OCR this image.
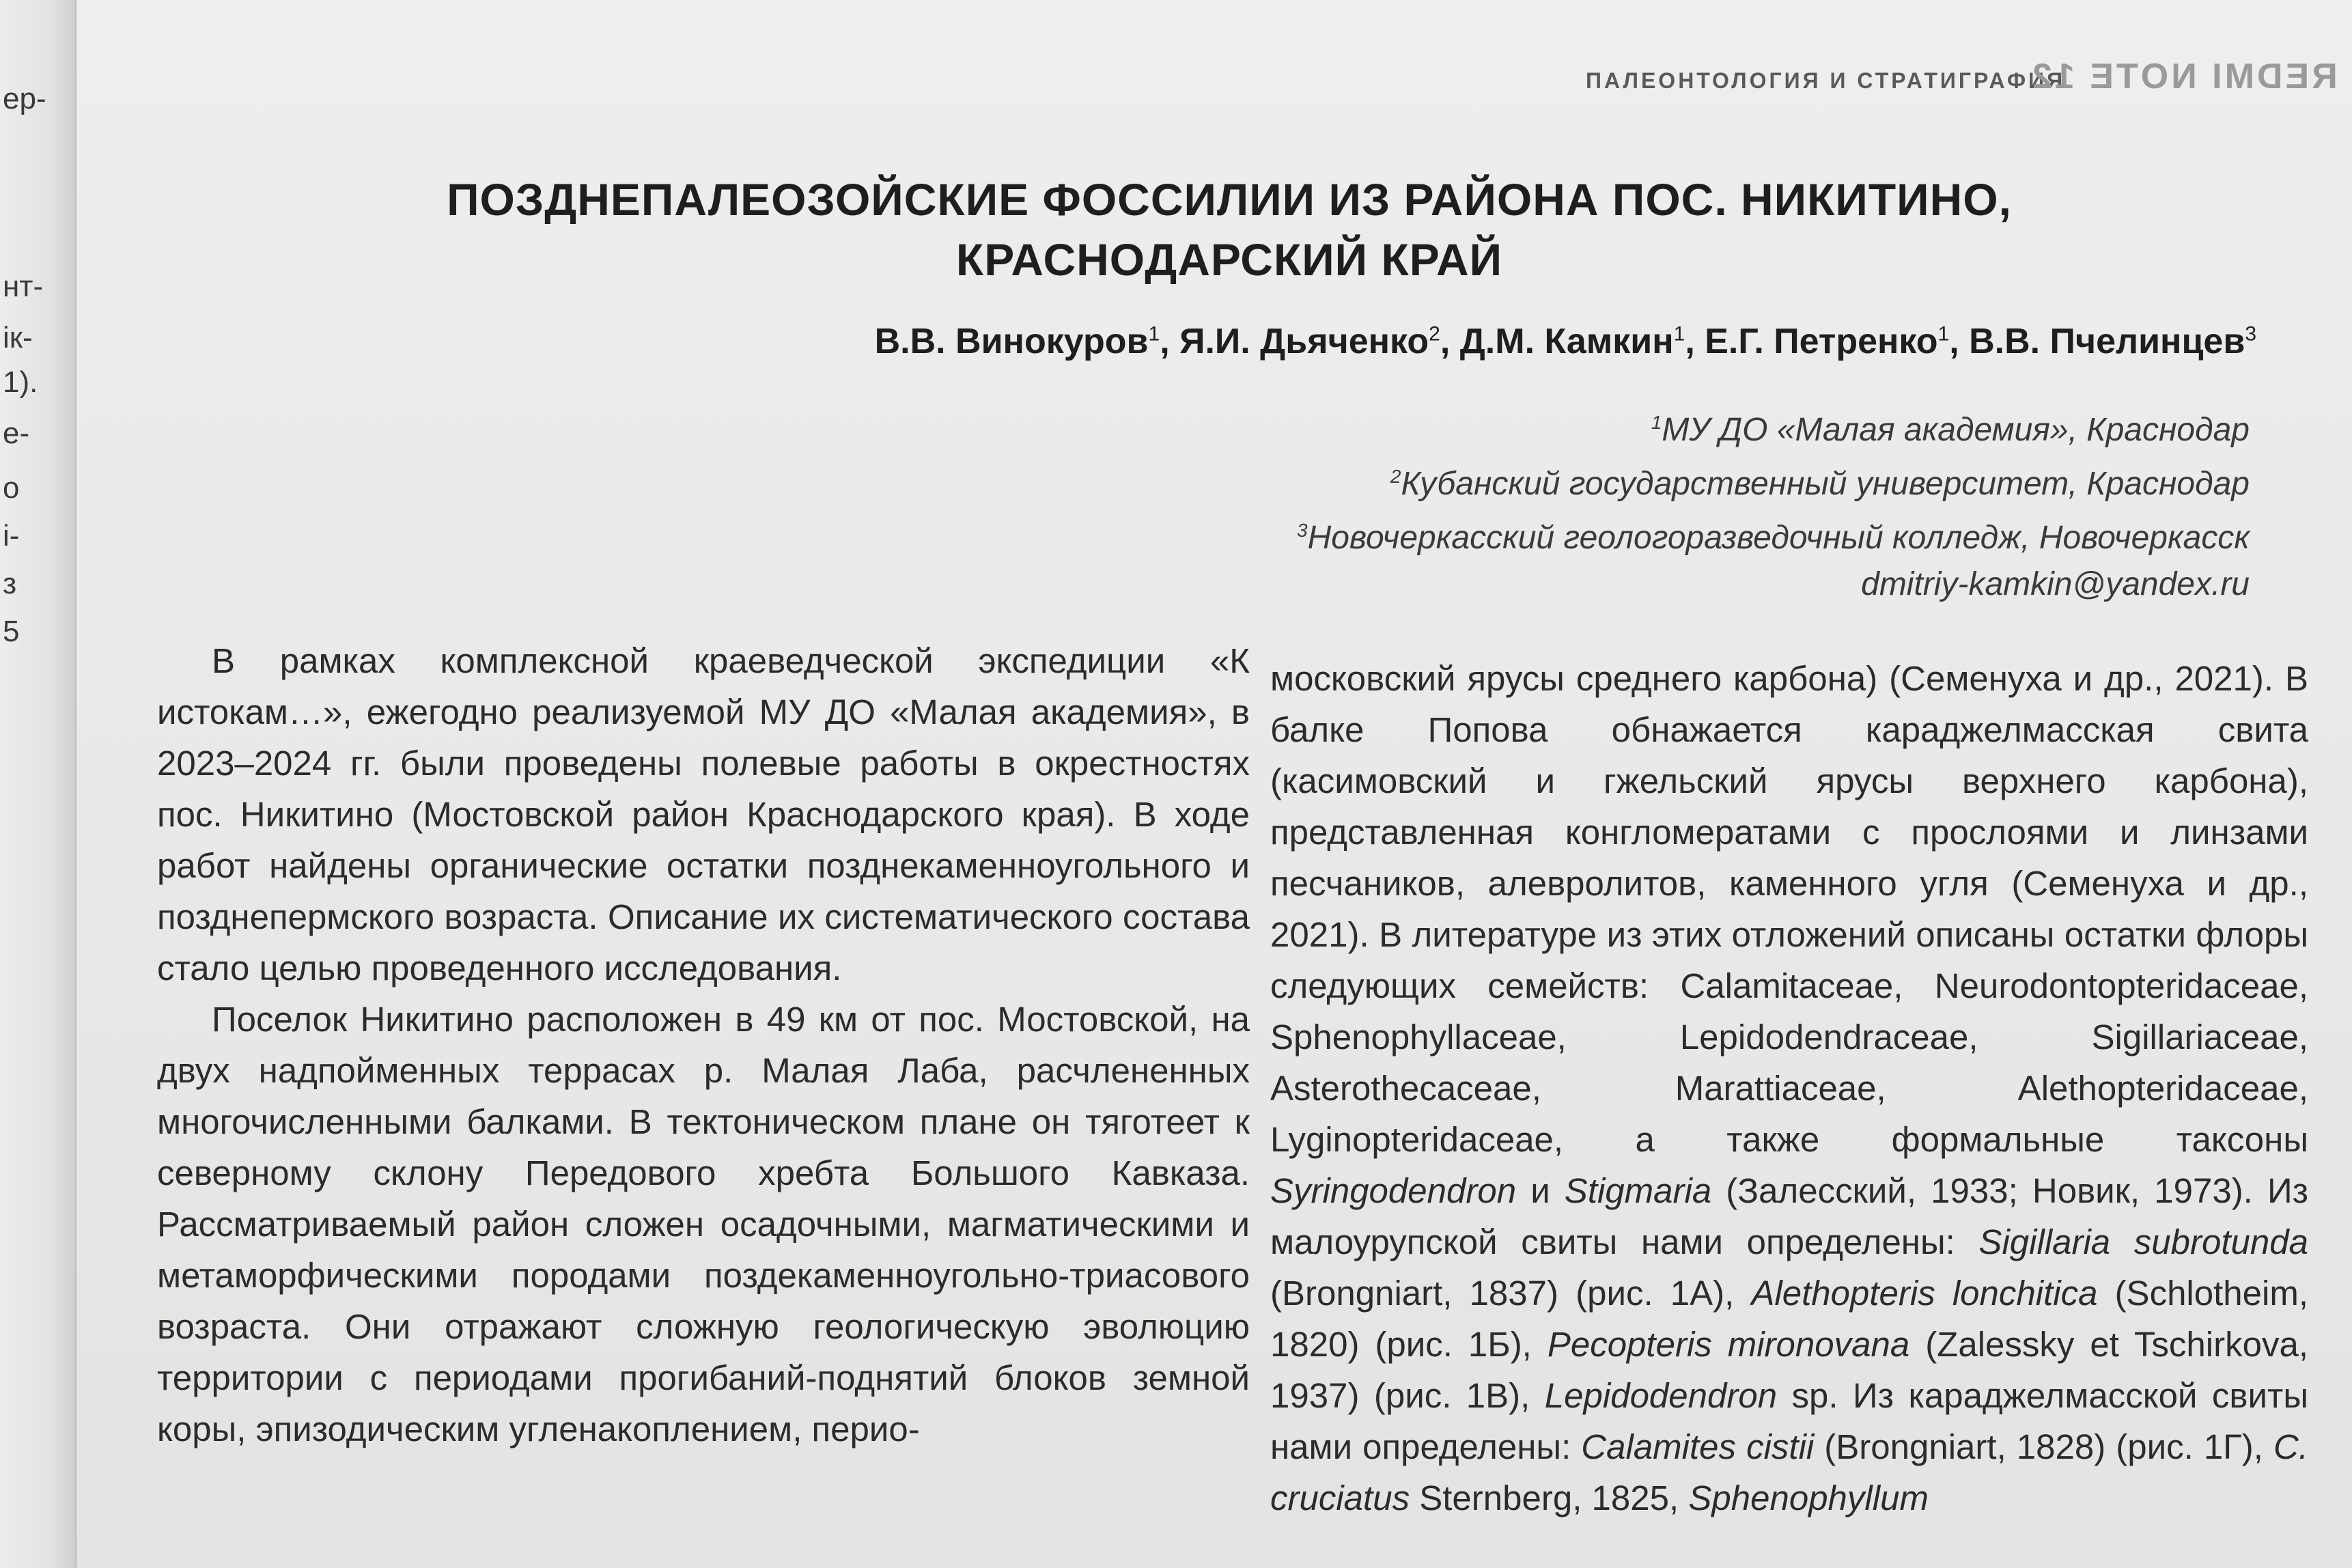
ер-
нт-
ік-
1).
е-
о
і-
з
5
ПАЛЕОНТОЛОГИЯ И СТРАТИГРАФИЯ
REDMI NOTE 12
ПОЗДНЕПАЛЕОЗОЙСКИЕ ФОССИЛИИ ИЗ РАЙОНА ПОС. НИКИТИНО,
КРАСНОДАРСКИЙ КРАЙ
В.В. Винокуров$^1$, Я.И. Дьяченко$^2$, Д.М. Камкин$^1$, Е.Г. Петренко$^1$, В.В. Пчелинцев$^3$
$^1$МУ ДО «Малая академия», Краснодар
$^2$Кубанский государственный университет, Краснодар
$^3$Новочеркасский геологоразведочный колледж, Новочеркасск
dmitriy-kamkin@yandex.ru

В рамках комплексной краеведческой экспедиции «К истокам…», ежегодно реализуемой МУ ДО «Малая академия», в 2023–2024 гг. были проведены полевые работы в окрестностях пос. Никитино (Мостовской район Краснодарского края). В ходе работ найдены органические остатки позднекаменноугольного и позднепермского возраста. Описание их систематического состава стало целью проведенного исследования.

Поселок Никитино расположен в 49 км от пос. Мостовской, на двух надпойменных террасах р. Малая Лаба, расчлененных многочисленными балками. В тектоническом плане он тяготеет к северному склону Передового хребта Большого Кавказа. Рассматриваемый район сложен осадочными, магматическими и метаморфическими породами поздекаменноугольно-триасового возраста. Они отражают сложную геологическую эволюцию территории с периодами прогибаний-поднятий блоков земной коры, эпизодическим угленакоплением, перио-

московский ярусы среднего карбона) (Семенуха и др., 2021). В балке Попова обнажается караджелмасская свита (касимовский и гжельский ярусы верхнего карбона), представленная конгломератами с прослоями и линзами песчаников, алевролитов, каменного угля (Семенуха и др., 2021). В литературе из этих отложений описаны остатки флоры следующих семейств: Calamitaceae, Neurodontopteridaceae, Sphenophyllaceae, Lepidodendraceae, Sigillariaceae, Asterothecaceae, Marattiaceae, Alethopteridaceae, Lyginopteridaceae, а также формальные таксоны Syringodendron и Stigmaria (Залесский, 1933; Новик, 1973). Из малоурупской свиты нами определены: Sigillaria subrotunda (Brongniart, 1837) (рис. 1А), Alethopteris lonchitica (Schlotheim, 1820) (рис. 1Б), Pecopteris mironovana (Zalessky et Tschirkova, 1937) (рис. 1В), Lepidodendron sp. Из караджелмасской свиты нами определены: Calamites cistii (Brongniart, 1828) (рис. 1Г), C. cruciatus Sternberg, 1825, Sphenophyllum
